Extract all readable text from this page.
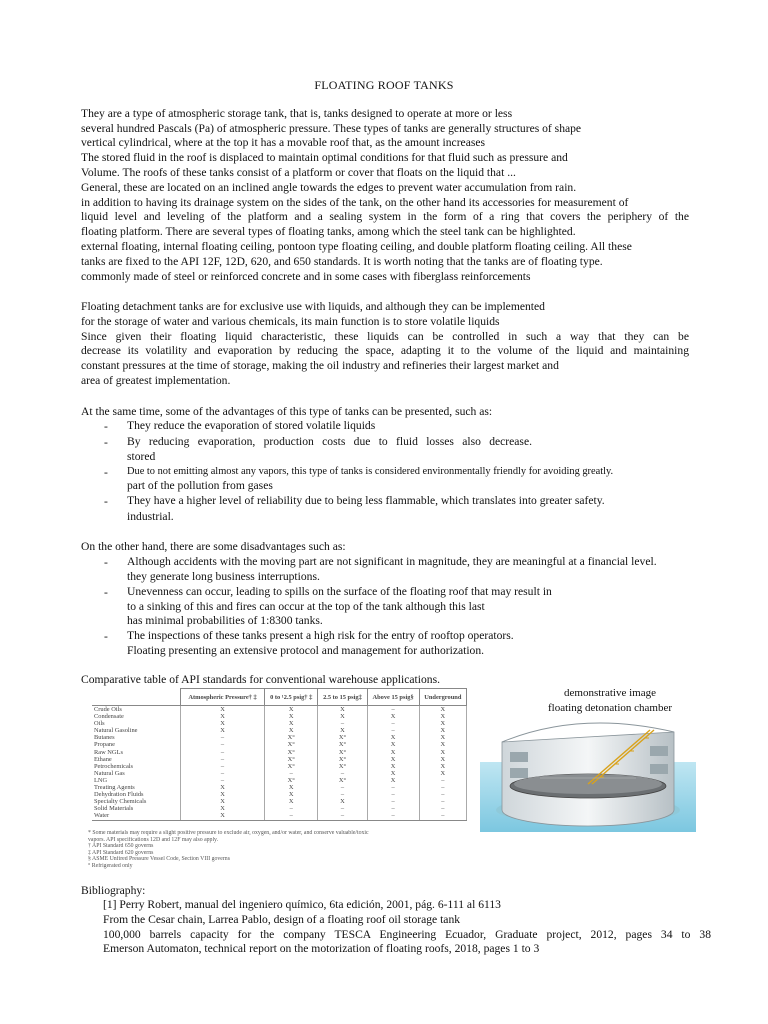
FLOATING ROOF TANKS
They are a type of atmospheric storage tank, that is, tanks designed to operate at more or less
several hundred Pascals (Pa) of atmospheric pressure. These types of tanks are generally structures of shape
vertical cylindrical, where at the top it has a movable roof that, as the amount increases
The stored fluid in the roof is displaced to maintain optimal conditions for that fluid such as pressure and
Volume. The roofs of these tanks consist of a platform or cover that floats on the liquid that ...
General, these are located on an inclined angle towards the edges to prevent water accumulation from rain.
in addition to having its drainage system on the sides of the tank, on the other hand its accessories for measurement of
liquid level and leveling of the platform and a sealing system in the form of a ring that covers the periphery of the
floating platform. There are several types of floating tanks, among which the steel tank can be highlighted.
external floating, internal floating ceiling, pontoon type floating ceiling, and double platform floating ceiling. All these
tanks are fixed to the API 12F, 12D, 620, and 650 standards. It is worth noting that the tanks are of floating type.
commonly made of steel or reinforced concrete and in some cases with fiberglass reinforcements
Floating detachment tanks are for exclusive use with liquids, and although they can be implemented
for the storage of water and various chemicals, its main function is to store volatile liquids
Since given their floating liquid characteristic, these liquids can be controlled in such a way that they can be
decrease its volatility and evaporation by reducing the space, adapting it to the volume of the liquid and maintaining
constant pressures at the time of storage, making the oil industry and refineries their largest market and
area of greatest implementation.
At the same time, some of the advantages of this type of tanks can be presented, such as:
- They reduce the evaporation of stored volatile liquids
- By reducing evaporation, production costs due to fluid losses also decrease.
stored
- Due to not emitting almost any vapors, this type of tanks is considered environmentally friendly for avoiding greatly.
part of the pollution from gases
- They have a higher level of reliability due to being less flammable, which translates into greater safety.
industrial.
On the other hand, there are some disadvantages such as:
- Although accidents with the moving part are not significant in magnitude, they are meaningful at a financial level.
they generate long business interruptions.
- Unevenness can occur, leading to spills on the surface of the floating roof that may result in
to a sinking of this and fires can occur at the top of the tank although this last
has minimal probabilities of 1:8300 tanks.
- The inspections of these tanks present a high risk for the entry of rooftop operators.
Floating presenting an extensive protocol and management for authorization.
Comparative table of API standards for conventional warehouse applications.
	Atmospheric Pressure† ‡	0 to ¹2.5 psig† ‡	2.5 to 15 psig‡	Above 15 psig§	Underground
Crude Oils	X	X	X	–	X
Condensate	X	X	X	X	X
Oils	X	X	–	–	X
Natural Gasoline	X	X	X	–	X
Butanes	–	X°	X°	X	X
Propane	–	X°	X°	X	X
Raw NGLs	–	X°	X°	X	X
Ethane	–	X°	X°	X	X
Petrochemicals	–	X°	X°	X	X
Natural Gas	–	–	–	X	X
LNG	–	X°	X°	X	–
Treating Agents	X	X	–	–	–
Dehydration Fluids	X	X	–	–	–
Specialty Chemicals	X	X	X	–	–
Solid Materials	X	–	–	–	–
Water	X	–	–	–	–
* Some materials may require a slight positive pressure to exclude air, oxygen, and/or water, and conserve valuable/toxic
vapors. API specifications 12D and 12F may also apply.
† API Standard 650 governs
‡ API Standard 620 governs
§ ASME Unfired Pressure Vessel Code, Section VIII governs
° Refrigerated only
demonstrative image
floating detonation chamber
Bibliography:
[1] Perry Robert, manual del ingeniero químico, 6ta edición, 2001, pág. 6-111 al 6113
From the Cesar chain, Larrea Pablo, design of a floating roof oil storage tank
100,000 barrels capacity for the company TESCA Engineering Ecuador, Graduate project, 2012, pages 34 to 38
Emerson Automaton, technical report on the motorization of floating roofs, 2018, pages 1 to 3
